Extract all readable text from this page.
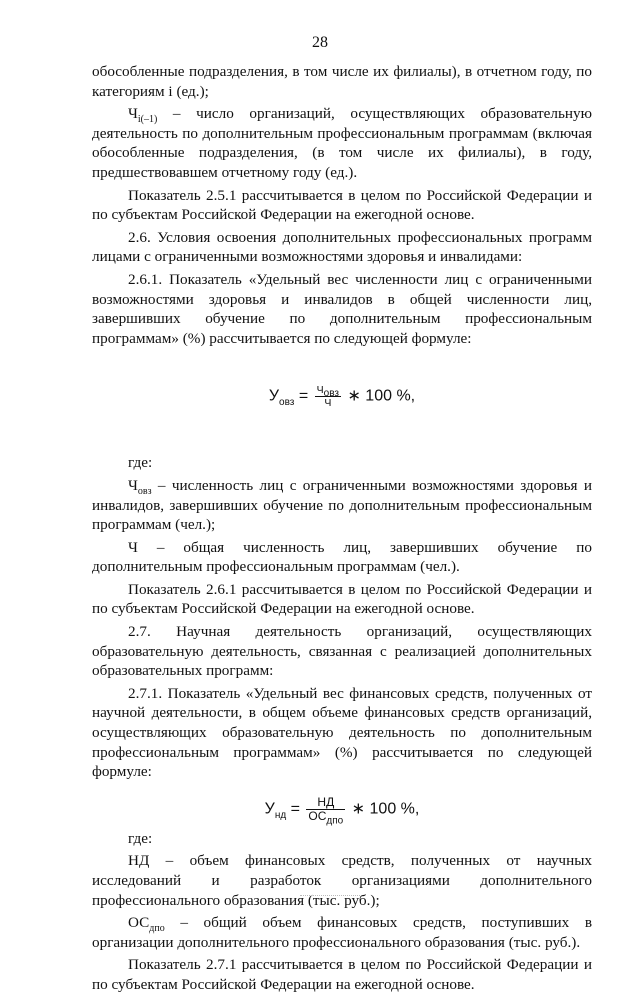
28

обособленные подразделения, в том числе их филиалы), в отчетном году, по категориям i (ед.);

$Ч_{i(-1)}$ – число организаций, осуществляющих образовательную деятельность по дополнительным профессиональным программам (включая обособленные подразделения, (в том числе их филиалы), в году, предшествовавшем отчетному году (ед.).

Показатель 2.5.1 рассчитывается в целом по Российской Федерации и по субъектам Российской Федерации на ежегодной основе.

2.6. Условия освоения дополнительных профессиональных программ лицами с ограниченными возможностями здоровья и инвалидами:

2.6.1. Показатель «Удельный вес численности лиц с ограниченными возможностями здоровья и инвалидов в общей численности лиц, завершивших обучение по дополнительным профессиональным программам» (%) рассчитывается по следующей формуле:

$У_{овз} = \frac{Ч_{овз}}{Ч}$ ∗ 100 %,

где:

$Ч_{овз}$ – численность лиц с ограниченными возможностями здоровья и инвалидов, завершивших обучение по дополнительным профессиональным программам (чел.);

Ч – общая численность лиц, завершивших обучение по дополнительным профессиональным программам (чел.).

Показатель 2.6.1 рассчитывается в целом по Российской Федерации и по субъектам Российской Федерации на ежегодной основе.

2.7. Научная деятельность организаций, осуществляющих образовательную деятельность, связанная с реализацией дополнительных образовательных программ:

2.7.1. Показатель «Удельный вес финансовых средств, полученных от научной деятельности, в общем объеме финансовых средств организаций, осуществляющих образовательную деятельность по дополнительным профессиональным программам» (%) рассчитывается по следующей формуле:

$У_{нд} = \frac{НД}{ОС_{дпо}}$ ∗ 100 %,

где:

НД – объем финансовых средств, полученных от научных исследований и разработок организациями дополнительного профессионального образования (тыс. руб.);

$ОС_{дпо}$ – общий объем финансовых средств, поступивших в организации дополнительного профессионального образования (тыс. руб.).

Показатель 2.7.1 рассчитывается в целом по Российской Федерации и по субъектам Российской Федерации на ежегодной основе.
